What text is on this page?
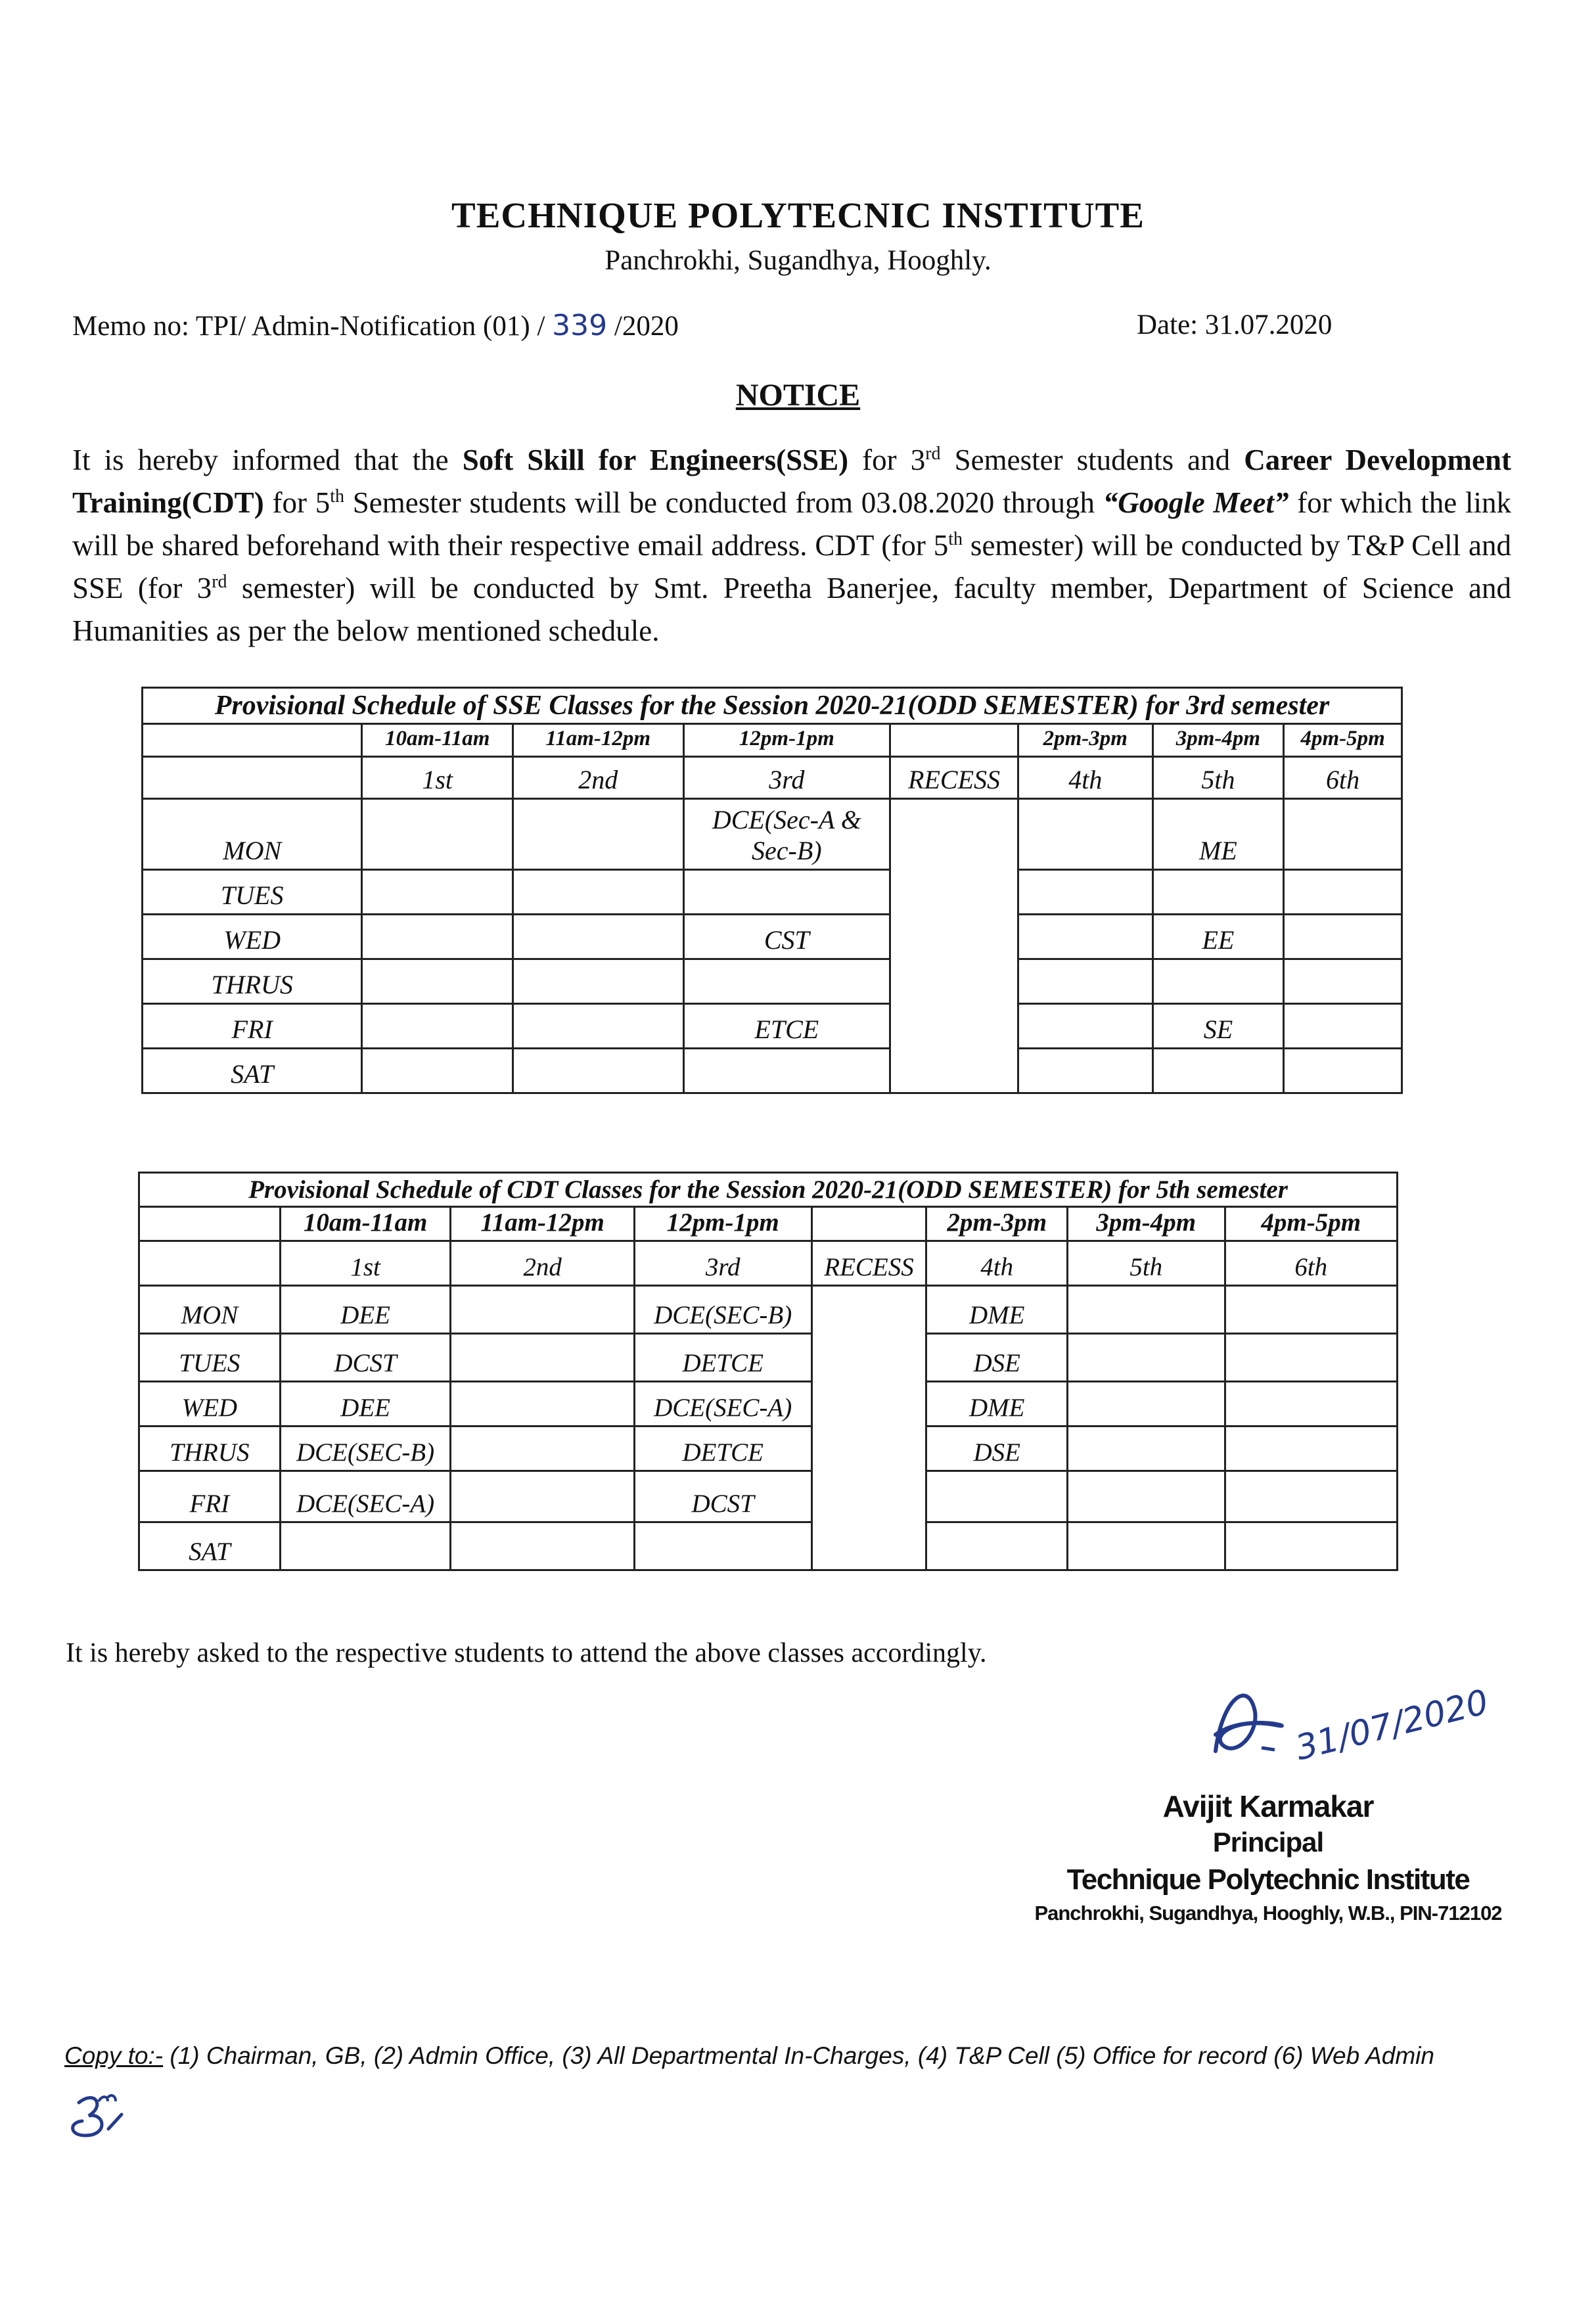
TECHNIQUE POLYTECNIC INSTITUTE
Panchrokhi, Sugandhya, Hooghly.
Memo no: TPI/ Admin-Notification (01) / 339 /2020	Date: 31.07.2020
NOTICE
It is hereby informed that the Soft Skill for Engineers(SSE) for 3rd Semester students and Career Development Training(CDT) for 5th Semester students will be conducted from 03.08.2020 through “Google Meet” for which the link will be shared beforehand with their respective email address. CDT (for 5th semester) will be conducted by T&P Cell and SSE (for 3rd semester) will be conducted by Smt. Preetha Banerjee, faculty member, Department of Science and Humanities as per the below mentioned schedule.
Provisional Schedule of SSE Classes for the Session 2020-21(ODD SEMESTER) for 3rd semester							
	10am-11am	11am-12pm	12pm-1pm		2pm-3pm	3pm-4pm	4pm-5pm
	1st	2nd	3rd	RECESS	4th	5th	6th
MON			DCE(Sec-A & Sec-B)			ME	
TUES							
WED			CST			EE	
THRUS							
FRI			ETCE			SE	
SAT							
Provisional Schedule of CDT Classes for the Session 2020-21(ODD SEMESTER) for 5th semester							
	10am-11am	11am-12pm	12pm-1pm		2pm-3pm	3pm-4pm	4pm-5pm
	1st	2nd	3rd	RECESS	4th	5th	6th
MON	DEE		DCE(SEC-B)		DME		
TUES	DCST		DETCE		DSE		
WED	DEE		DCE(SEC-A)		DME		
THRUS	DCE(SEC-B)		DETCE		DSE		
FRI	DCE(SEC-A)		DCST				
SAT							
It is hereby asked to the respective students to attend the above classes accordingly.
31/07/2020
Avijit Karmakar
Principal
Technique Polytechnic Institute
Panchrokhi, Sugandhya, Hooghly, W.B., PIN-712102
Copy to:- (1) Chairman, GB, (2) Admin Office, (3) All Departmental In-Charges, (4) T&P Cell (5) Office for record (6) Web Admin
